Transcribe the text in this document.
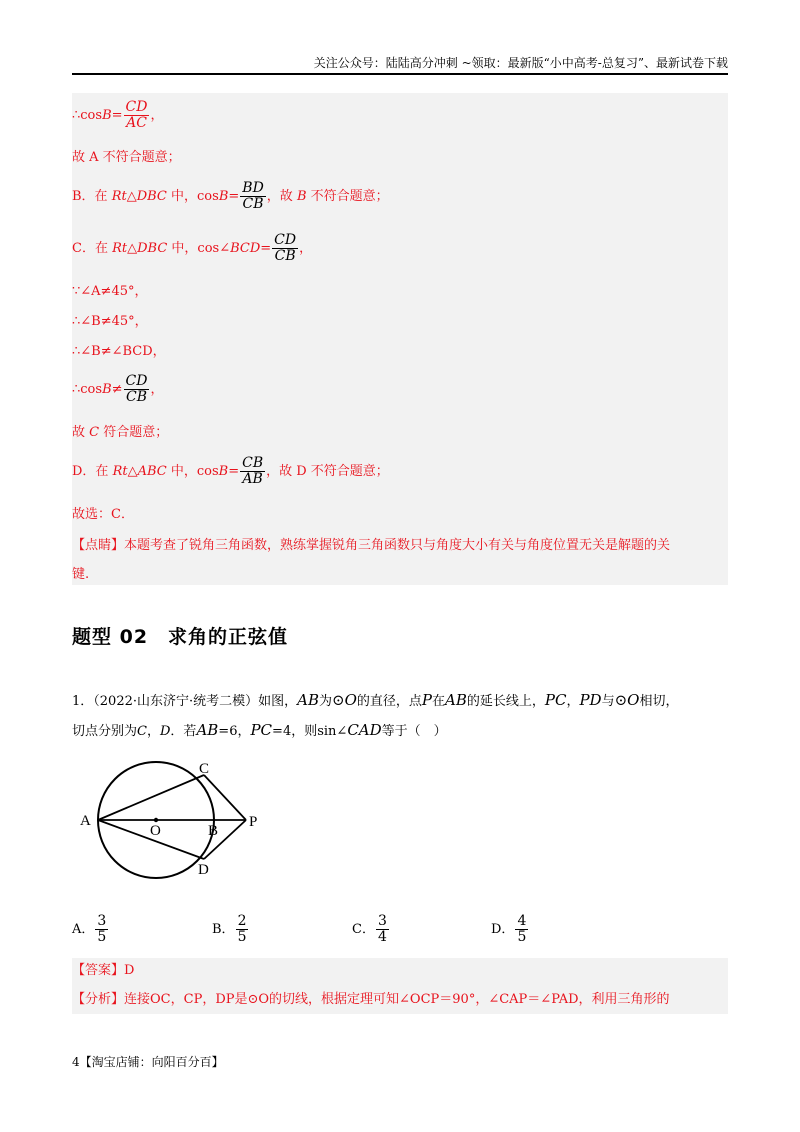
关注公众号：陆陆高分冲刺 ~领取：最新版“小中高考-总复习”、最新试卷下载
∴cosB= $\frac{CD}{AC}$ ，
故 A 不符合题意；
B．在 Rt△DBC 中，$\cos B= \frac{BD}{CB}$ ，故 B 不符合题意；
C．在 Rt△DBC 中，cos∠BCD= $\frac{CD}{CB}$ ，
∵∠A≠45°，
∴∠B≠45°，
∴∠B≠∠BCD，
∴cosB≠ $\frac{CD}{CB}$ ，
故 C 符合题意；
D．在 Rt△ABC 中，$\cos B= \frac{CB}{AB}$ ，故 D 不符合题意；
故选：C．
【点睛】本题考查了锐角三角函数，熟练掌握锐角三角函数只与角度大小有关与角度位置无关是解题的关
键.
题型 02　求角的正弦值
1．（2022·山东济宁·统考二模）如图，AB为⊙O的直径，点P在AB的延长线上，PC，PD与⊙O相切，
切点分别为C，D．若AB=6，PC=4，则sin∠CAD等于（　）
A
O	B
C
D
P
A． $\frac{3}{5}$	B． $\frac{2}{5}$	C． $\frac{3}{4}$	D． $\frac{4}{5}$
【答案】D
【分析】连接OC，CP，DP是⊙O的切线，根据定理可知∠OCP＝90°，∠CAP＝∠PAD，利用三角形的
4【淘宝店铺：向阳百分百】
